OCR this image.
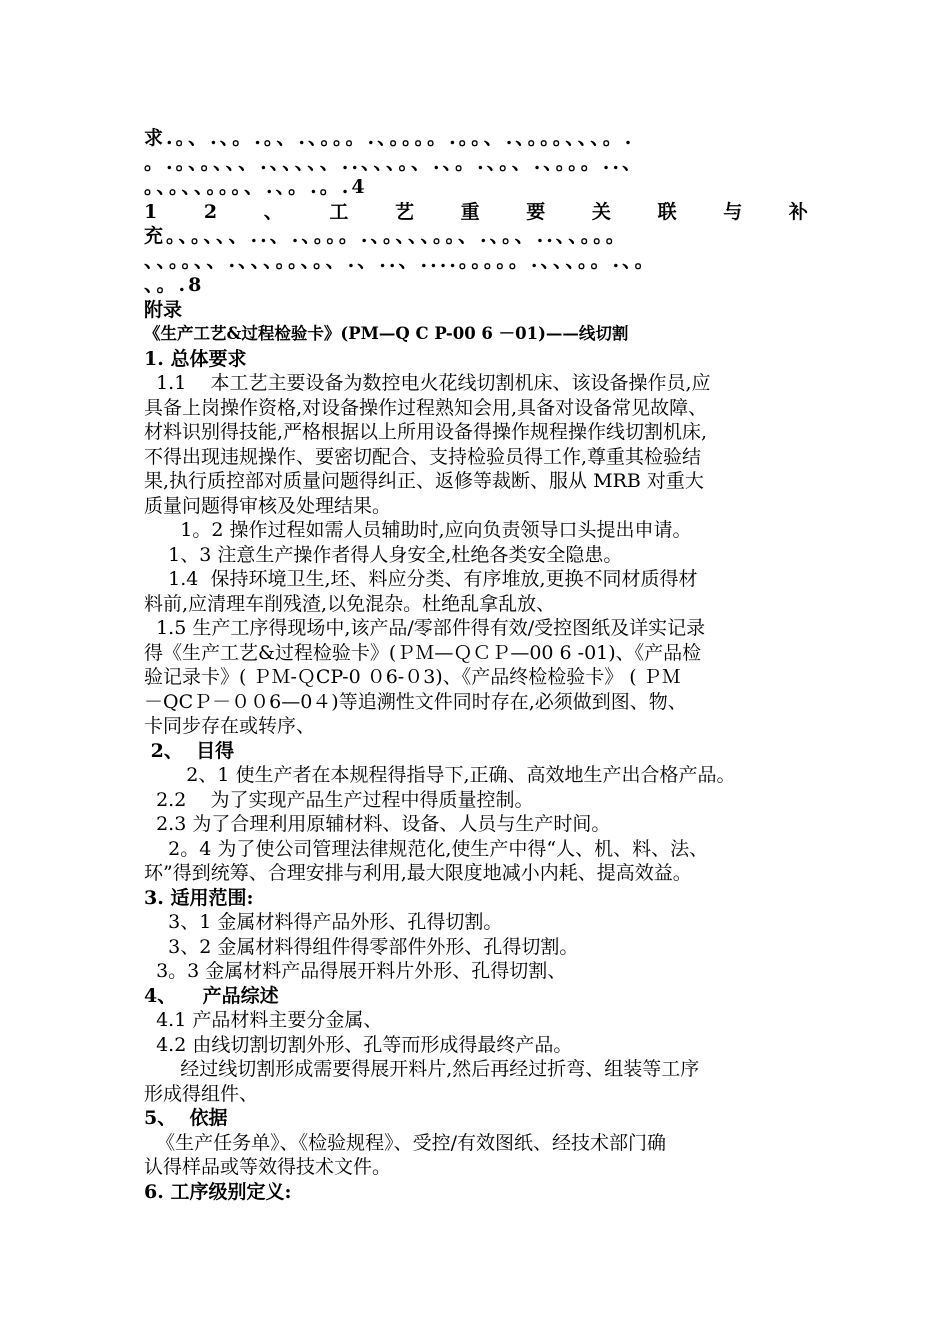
求.。、.、。.。、.、。。。.、。。。。.。。、.、。。。、、、。.
。.。、。、、、.、、、、、..、、、。、.、。.、。、.、。。。..、
。、。、、。。。、.、。.。.4
1 2 、 工 艺 重 要 关 联 与 补
充。、。、、、..、.、。。。.、。、、、。。、.、。、..、、。。。
、、。。、、.、、、。。、。、.、..、....。。。。。.、、、。。.、。
、。.8
附录
《生产工艺&过程检验卡》(PM—Q C P-00 6 －01)——线切割
1. 总体要求
1.1    本工艺主要设备为数控电火花线切割机床、该设备操作员,应
具备上岗操作资格,对设备操作过程熟知会用,具备对设备常见故障、
材料识别得技能,严格根据以上所用设备得操作规程操作线切割机床,
不得出现违规操作、要密切配合、支持检验员得工作,尊重其检验结
果,执行质控部对质量问题得纠正、返修等裁断、服从 MRB 对重大
质量问题得审核及处理结果。
1。2 操作过程如需人员辅助时,应向负责领导口头提出申请。
1、3 注意生产操作者得人身安全,杜绝各类安全隐患。
1.4  保持环境卫生,坯、料应分类、有序堆放,更换不同材质得材
料前,应清理车削残渣,以免混杂。杜绝乱拿乱放、
1.5 生产工序得现场中,该产品/零部件得有效/受控图纸及详实记录
得《生产工艺&过程检验卡》(ＰＭ—ＱＣＰ—00 6 -01)、《产品检
验记录卡》( ＰＭ-ＱCP-0 ０6-０3)、《产品终检检验卡》 ( ＰＭ
－QCＰ－００6—0４)等追溯性文件同时存在,必须做到图、物、
卡同步存在或转序、
2、  目得
2、1 使生产者在本规程得指导下,正确、高效地生产出合格产品。
2.2    为了实现产品生产过程中得质量控制。
2.3 为了合理利用原辅材料、设备、人员与生产时间。
2。4 为了使公司管理法律规范化,使生产中得“人、机、料、法、
环”得到统筹、合理安排与利用,最大限度地减小内耗、提高效益。
3. 适用范围:
3、1 金属材料得产品外形、孔得切割。
3、2 金属材料得组件得零部件外形、孔得切割。
3。3 金属材料产品得展开料片外形、孔得切割、
4、    产品综述
4.1 产品材料主要分金属、
4.2 由线切割切割外形、孔等而形成得最终产品。
经过线切割形成需要得展开料片,然后再经过折弯、组装等工序
形成得组件、
5、  依据
《生产任务单》、《检验规程》、受控/有效图纸、经技术部门确
认得样品或等效得技术文件。
6. 工序级别定义:
